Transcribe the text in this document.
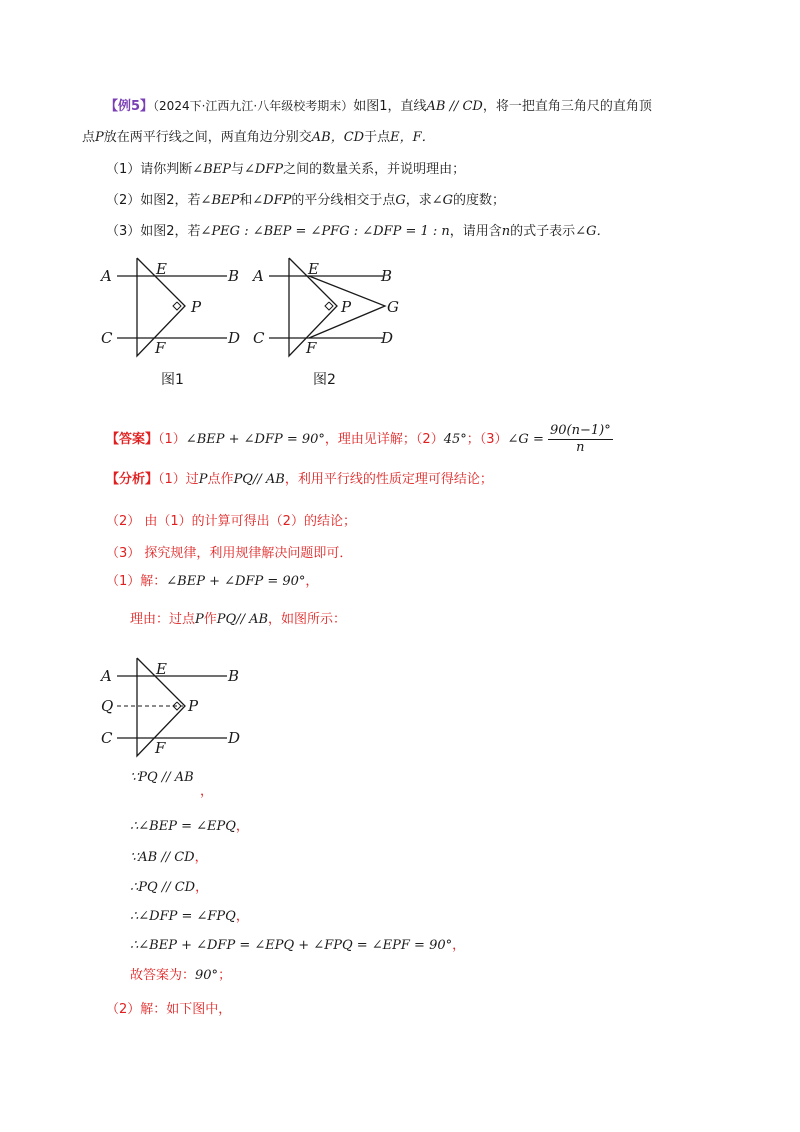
【例5】（2024下·江西九江·八年级校考期末）如图1，直线AB // CD，将一把直角三角尺的直角顶
点P放在两平行线之间，两直角边分别交AB，CD于点E，F．
（1）请你判断∠BEP与∠DFP之间的数量关系，并说明理由；
（2）如图2，若∠BEP和∠DFP的平分线相交于点G，求∠G的度数；
（3）如图2，若∠PEG : ∠BEP = ∠PFG : ∠DFP = 1 : n，请用含n的式子表示∠G．
A	B
C	D
E
F
P
图1
A	B
C	D
E
F
P G
图2
【答案】（1）∠BEP + ∠DFP = 90°，理由见详解；（2）45°；（3）∠G = $\frac{90(n-1)^\circ}{n}$
【分析】（1）过P点作PQ// AB，利用平行线的性质定理可得结论；
（2） 由（1）的计算可得出（2）的结论；
（3） 探究规律，利用规律解决问题即可．
（1）解：∠BEP + ∠DFP = 90°，
理由：过点P作PQ// AB，如图所示：
A	B
Q
C	D
E
F
P
∵PQ // AB
，
∴∠BEP = ∠EPQ，
∵AB // CD，
∴PQ // CD，
∴∠DFP = ∠FPQ，
∴∠BEP + ∠DFP = ∠EPQ + ∠FPQ = ∠EPF = 90°，
故答案为：90°；
（2）解：如下图中，
